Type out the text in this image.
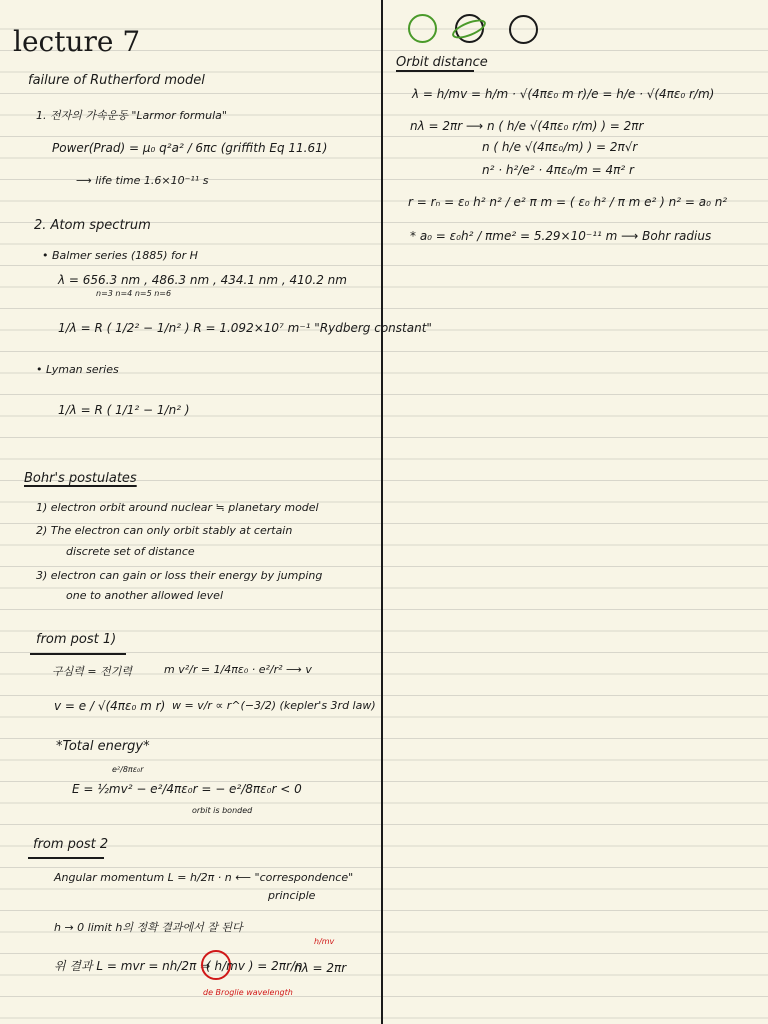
lecture 7
failure of Rutherford model
1. 전자의 가속운동 "Larmor formula"
Power(Prad) = μ₀ q²a² / 6πc (griffith Eq 11.61)
⟶ life time 1.6×10⁻¹¹ s
2. Atom spectrum
• Balmer series (1885) for H
λ = 656.3 nm , 486.3 nm , 434.1 nm , 410.2 nm
n=3 n=4 n=5 n=6
1/λ = R ( 1/2² − 1/n² ) R = 1.092×10⁷ m⁻¹ "Rydberg constant"
• Lyman series
1/λ = R ( 1/1² − 1/n² )
Bohr's postulates
1) electron orbit around nuclear ≒ planetary model
2) The electron can only orbit stably at certain
discrete set of distance
3) electron can gain or loss their energy by jumping
one to another allowed level
from post 1)
구심력 = 전기력	m v²/r = 1/4πε₀ · e²/r² ⟶ v
v = e / √(4πε₀ m r) w = v/r ∝ r^(−3/2) (kepler's 3rd law)
*Total energy*
e²/8πε₀r
E = ½mv² − e²/4πε₀r = − e²/8πε₀r < 0
orbit is bonded
from post 2
Angular momentum L = h/2π · n ⟵ "correspondence"
principle
h → 0 limit h의 정확 결과에서 잘 된다
위 결과 L = mvr = nh/2π ⇒
( h/mv ) = 2πr/n
nλ = 2πr
h/mv
de Broglie wavelength
Orbit distance
λ = h/mv = h/m · √(4πε₀ m r)/e = h/e · √(4πε₀ r/m)
nλ = 2πr ⟶ n ( h/e √(4πε₀ r/m) ) = 2πr
n ( h/e √(4πε₀/m) ) = 2π√r
n² · h²/e² · 4πε₀/m = 4π² r
r = rₙ = ε₀ h² n² / e² π m = ( ε₀ h² / π m e² ) n² = a₀ n²
* a₀ = ε₀h² / πme² = 5.29×10⁻¹¹ m ⟶ Bohr radius
